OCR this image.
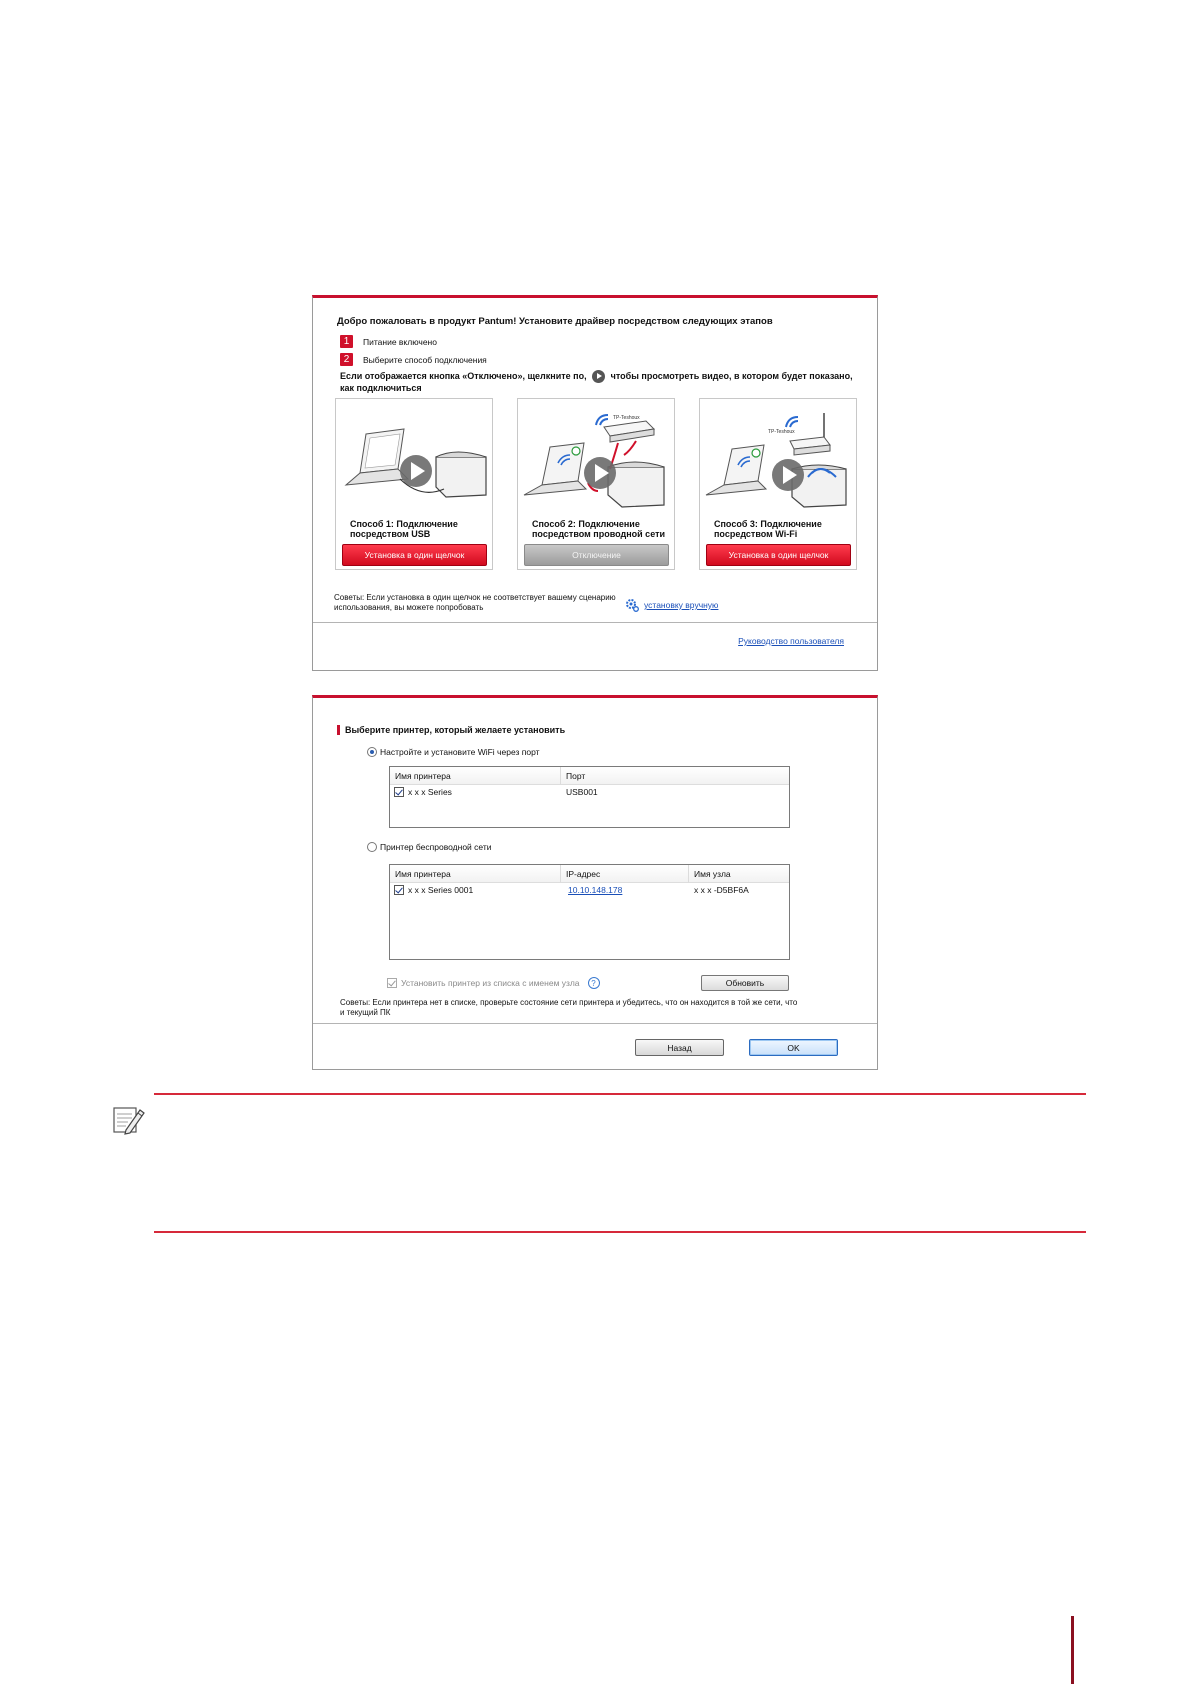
Добро пожаловать в продукт Pantum! Установите драйвер посредством следующих этапов
1	Питание включено
2	Выберите способ подключения
Если отображается кнопка «Отключено», щелкните по,	чтобы просмотреть видео, в котором будет показано, как подключиться
Способ 1: Подключение посредством USB
Установка в один щелчок
TP-Teshoux
Способ 2: Подключение посредством проводной сети
Отключение
TP-Teshoux
Способ 3: Подключение посредством Wi-Fi
Установка в один щелчок
Советы: Если установка в один щелчок не соответствует вашему сценарию использования, вы можете попробовать	установку вручную
Руководство пользователя
Выберите принтер, который желаете установить
Настройте и установите WiFi через порт
Имя принтера	Порт
x x x Series	USB001
Принтер беспроводной сети
Имя принтера	IP-адрес	Имя узла
x x x Series 0001	10.10.148.178	x x x -D5BF6A
Установить принтер из списка с именем узла	?	Обновить
Советы: Если принтера нет в списке, проверьте состояние сети принтера и убедитесь, что он находится в той же сети, что и текущий ПК
Назад	OK
